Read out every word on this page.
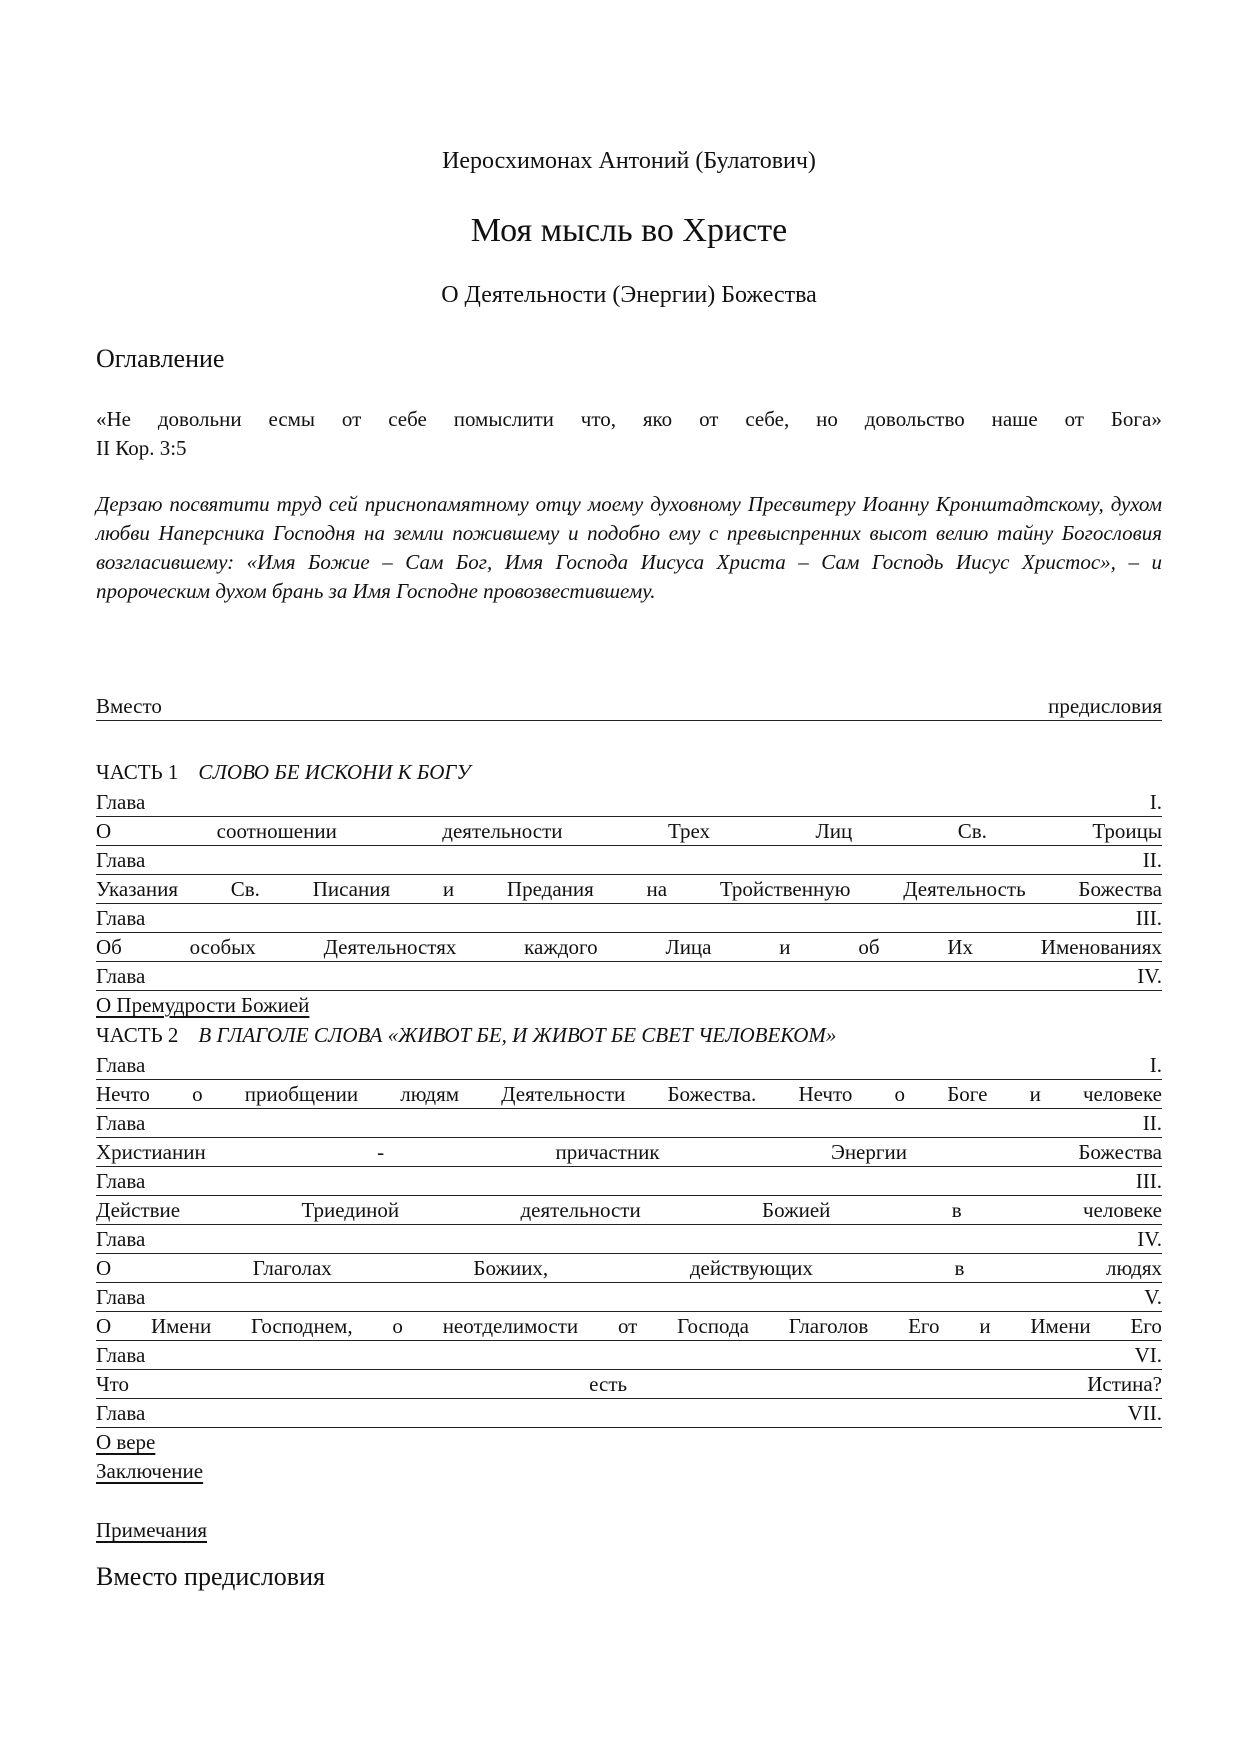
Иеросхимонах Антоний (Булатович)
Моя мысль во Христе
О Деятельности (Энергии) Божества
Оглавление
«Не довольни есмы от себе помыслити что, яко от себе, но довольство наше от Бога»
II Кор. 3:5
Дерзаю посвятити труд сей приснопамятному отцу моему духовному Пресвитеру Иоанну Кронштадтскому, духом любви Наперсника Господня на земли пожившему и подобно ему с превыспренних высот велию тайну Богословия возгласившему: «Имя Божие – Сам Бог, Имя Господа Иисуса Христа – Сам Господь Иисус Христос», – и пророческим духом брань за Имя Господне провозвестившему.
Вместо	предисловия
ЧАСТЬ 1 СЛОВО БЕ ИСКОНИ К БОГУ
Глава	I.
О	соотношении	деятельности	Трех	Лиц	Св.	Троицы
Глава	II.
Указания	Св.	Писания	и	Предания	на	Тройственную	Деятельность	Божества
Глава	III.
Об	особых	Деятельностях	каждого	Лица	и	об	Их	Именованиях
Глава	IV.
О Премудрости Божией
ЧАСТЬ 2 В ГЛАГОЛЕ СЛОВА «ЖИВОТ БЕ, И ЖИВОТ БЕ СВЕТ ЧЕЛОВЕКОМ»
Глава	I.
Нечто о приобщении людям Деятельности Божества. Нечто о Боге и человеке
Глава	II.
Христианин	-	причастник	Энергии	Божества
Глава	III.
Действие	Триединой	деятельности	Божией	в	человеке
Глава	IV.
О	Глаголах	Божиих,	действующих	в	людях
Глава	V.
О Имени Господнем, о неотделимости от Господа Глаголов Его и Имени Его
Глава	VI.
Что	есть	Истина?
Глава	VII.
О вере
Заключение
Примечания
Вместо предисловия
